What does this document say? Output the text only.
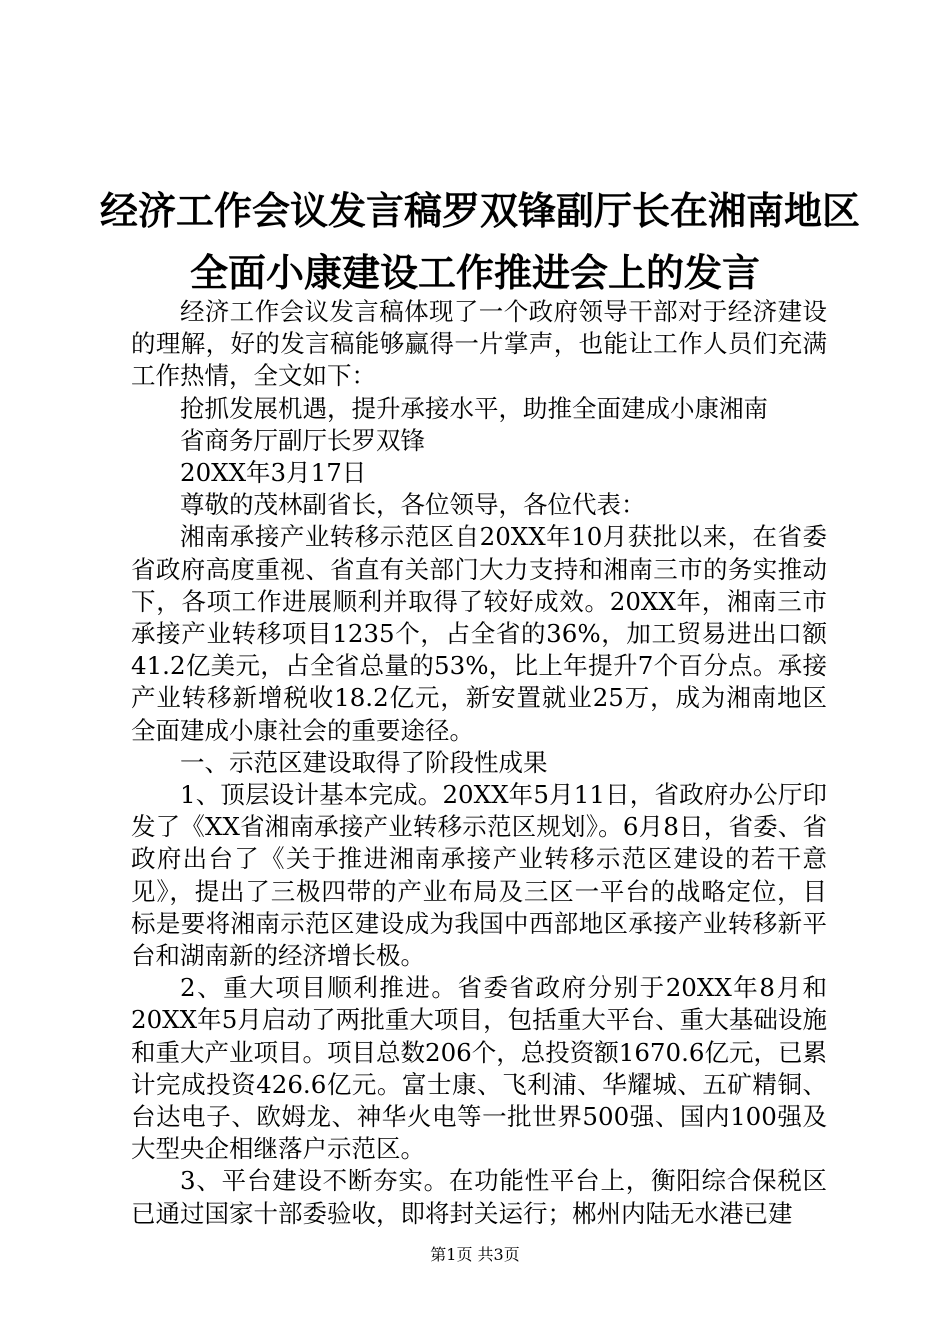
经济工作会议发言稿罗双锋副厅长在湘南地区
全面小康建设工作推进会上的发言

经济工作会议发言稿体现了一个政府领导干部对于经济建设的理解，好的发言稿能够赢得一片掌声，也能让工作人员们充满工作热情，全文如下：

抢抓发展机遇，提升承接水平，助推全面建成小康湘南

省商务厅副厅长罗双锋

20XX年3月17日

尊敬的茂林副省长，各位领导，各位代表：

湘南承接产业转移示范区自20XX年10月获批以来，在省委省政府高度重视、省直有关部门大力支持和湘南三市的务实推动下，各项工作进展顺利并取得了较好成效。20XX年，湘南三市承接产业转移项目1235个，占全省的36%，加工贸易进出口额41.2亿美元，占全省总量的53%，比上年提升7个百分点。承接产业转移新增税收18.2亿元，新安置就业25万，成为湘南地区全面建成小康社会的重要途径。

一、示范区建设取得了阶段性成果

1、顶层设计基本完成。20XX年5月11日，省政府办公厅印发了《XX省湘南承接产业转移示范区规划》。6月8日，省委、省政府出台了《关于推进湘南承接产业转移示范区建设的若干意见》，提出了三极四带的产业布局及三区一平台的战略定位，目标是要将湘南示范区建设成为我国中西部地区承接产业转移新平台和湖南新的经济增长极。

2、重大项目顺利推进。省委省政府分别于20XX年8月和20XX年5月启动了两批重大项目，包括重大平台、重大基础设施和重大产业项目。项目总数206个，总投资额1670.6亿元，已累计完成投资426.6亿元。富士康、飞利浦、华耀城、五矿精铜、台达电子、欧姆龙、神华火电等一批世界500强、国内100强及大型央企相继落户示范区。

3、平台建设不断夯实。在功能性平台上，衡阳综合保税区已通过国家十部委验收，即将封关运行；郴州内陆无水港已建

第1页 共3页
